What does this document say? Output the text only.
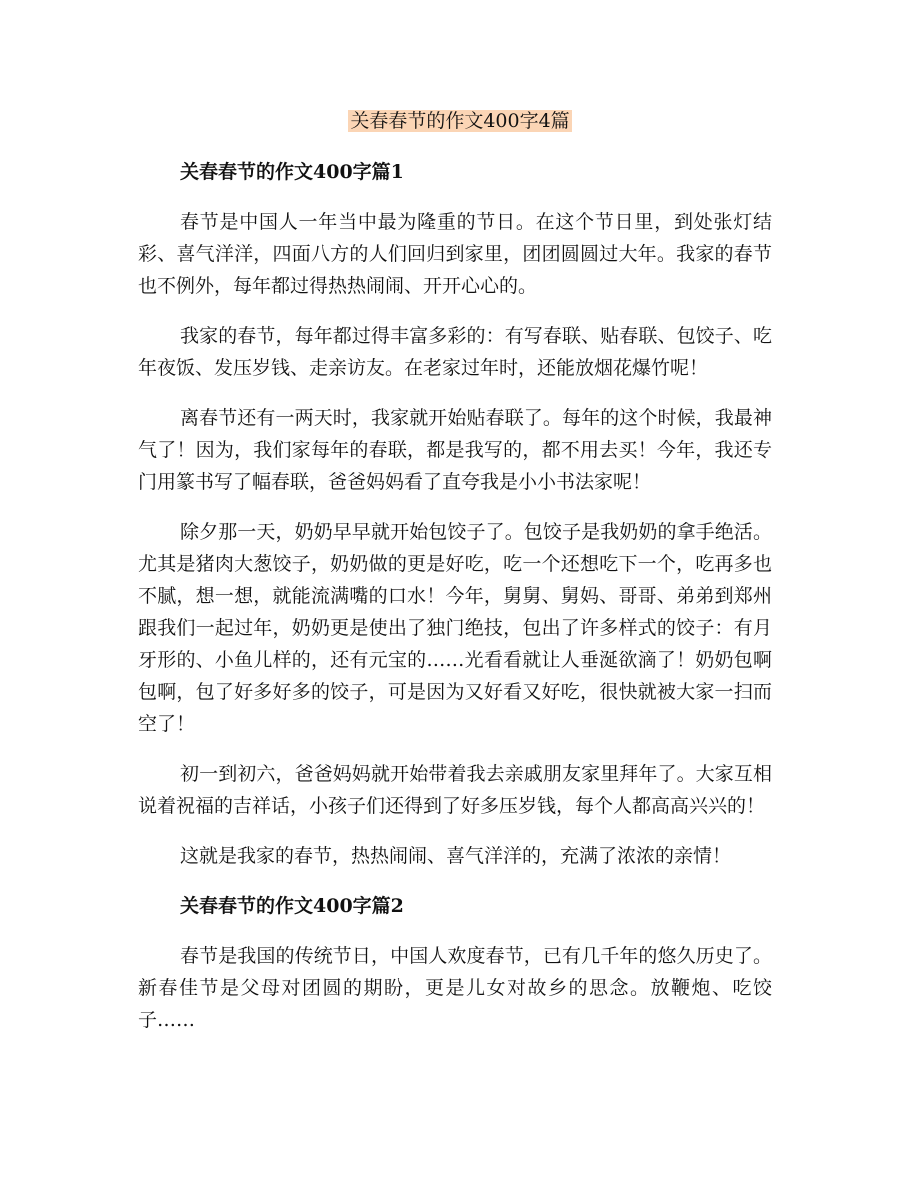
关春春节的作文400字4篇

关春春节的作文400字篇1

春节是中国人一年当中最为隆重的节日。在这个节日里，到处张灯结彩、喜气洋洋，四面八方的人们回归到家里，团团圆圆过大年。我家的春节也不例外，每年都过得热热闹闹、开开心心的。

我家的春节，每年都过得丰富多彩的：有写春联、贴春联、包饺子、吃年夜饭、发压岁钱、走亲访友。在老家过年时，还能放烟花爆竹呢！

离春节还有一两天时，我家就开始贴春联了。每年的这个时候，我最神气了！因为，我们家每年的春联，都是我写的，都不用去买！今年，我还专门用篆书写了幅春联，爸爸妈妈看了直夸我是小小书法家呢！

除夕那一天，奶奶早早就开始包饺子了。包饺子是我奶奶的拿手绝活。尤其是猪肉大葱饺子，奶奶做的更是好吃，吃一个还想吃下一个，吃再多也不腻，想一想，就能流满嘴的口水！今年，舅舅、舅妈、哥哥、弟弟到郑州跟我们一起过年，奶奶更是使出了独门绝技，包出了许多样式的饺子：有月牙形的、小鱼儿样的，还有元宝的……光看看就让人垂涎欲滴了！奶奶包啊包啊，包了好多好多的饺子，可是因为又好看又好吃，很快就被大家一扫而空了！

初一到初六，爸爸妈妈就开始带着我去亲戚朋友家里拜年了。大家互相说着祝福的吉祥话，小孩子们还得到了好多压岁钱，每个人都高高兴兴的！

这就是我家的春节，热热闹闹、喜气洋洋的，充满了浓浓的亲情！

关春春节的作文400字篇2

春节是我国的传统节日，中国人欢度春节，已有几千年的悠久历史了。新春佳节是父母对团圆的期盼，更是儿女对故乡的思念。放鞭炮、吃饺子……
